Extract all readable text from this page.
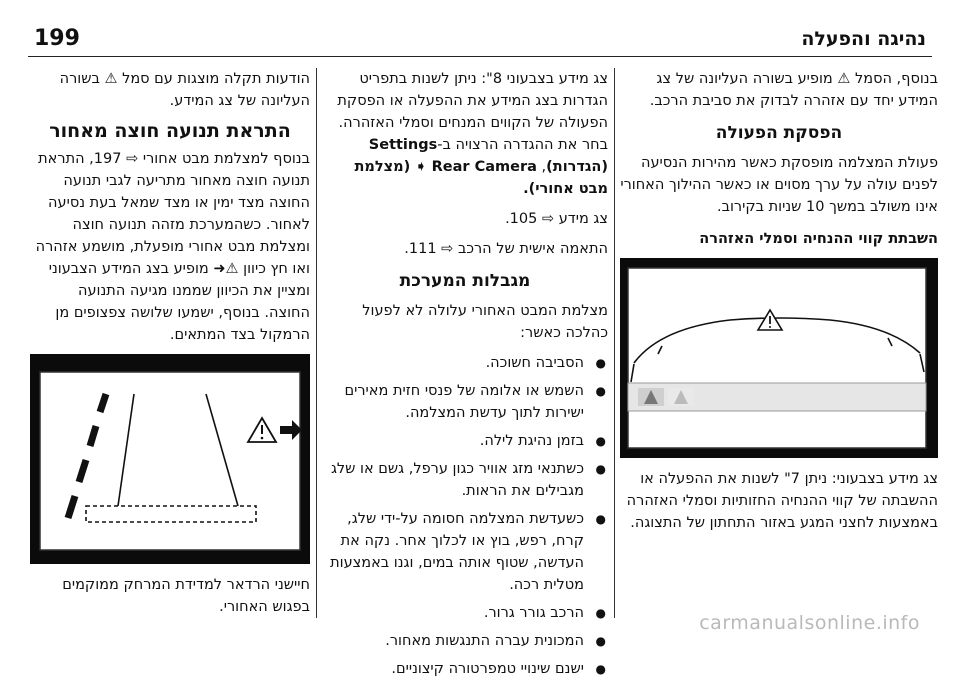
199	נהיגה והפעלה

בנוסף, הסמל ⚠ מופיע בשורה העליונה של צג המידע יחד עם אזהרה לבדוק את סביבת הרכב.

הפסקת הפעולה

פעולת המצלמה מופסקת כאשר מהירות הנסיעה לפנים עולה על ערך מסוים או כאשר ההילוך האחורי אינו משולב במשך 10 שניות בקירוב.

השבתת קווי ההנחיה וסמלי האזהרה

צג מידע בצבעוני: ניתן 7" לשנות את ההפעלה או ההשבתה של קווי ההנחיה החזותיות וסמלי האזהרה באמצעות לחצני המגע באזור התחתון של התצוגה.

צג מידע בצבעוני 8": ניתן לשנות בתפריט הגדרות בצג המידע את ההפעלה או הפסקת הפעולה של הקווים המנחים וסמלי האזהרה. בחר את ההגדרה הרצויה ב-Settings (הגדרות), Rear Camera ➧ (מצלמת מבט אחורי).

צג מידע ⇨ 105.

התאמה אישית של הרכב ⇨ 111.

מגבלות המערכת

מצלמת המבט האחורי עלולה לא לפעול כהלכה כאשר:

● הסביבה חשוכה.
● השמש או אלומה של פנסי חזית מאירים ישירות לתוך עדשת המצלמה.
● בזמן נהיגת לילה.
● כשתנאי מזג אוויר כגון ערפל, גשם או שלג מגבילים את הראות.
● כשעדשת המצלמה חסומה על-ידי שלג, קרח, רפש, בוץ או לכלוך אחר. נקה את העדשה, שטוף אותה במים, וגנו באמצעות מטלית רכה.
● הרכב גורר גרור.
● המכונית עברה התנגשות מאחור.
● ישנם שינויי טמפרטורה קיצוניים.

הודעות תקלה מוצגות עם סמל ⚠ בשורה העליונה של צג המידע.

התראת תנועה חוצה מאחור

בנוסף למצלמת מבט אחורי ⇨ 197, התראת תנועה חוצה מאחור מתריעה לגבי תנועה החוצה מצד ימין או מצד שמאל בעת נסיעה לאחור. כשהמערכת מזהה תנועה חוצה ומצלמת מבט אחורי מופעלת, מושמע אזהרה ואו חץ כיוון ⚠➜ מופיע בצג המידע הצבעוני ומציין את הכיוון שממנו מגיעה התנועה החוצה. בנוסף, ישמעו שלושה צפצופים מן הרמקול בצד המתאים.

חיישני הרדאר למדידת המרחק ממוקמים בפגוש האחורי.

carmanualsonline.info
